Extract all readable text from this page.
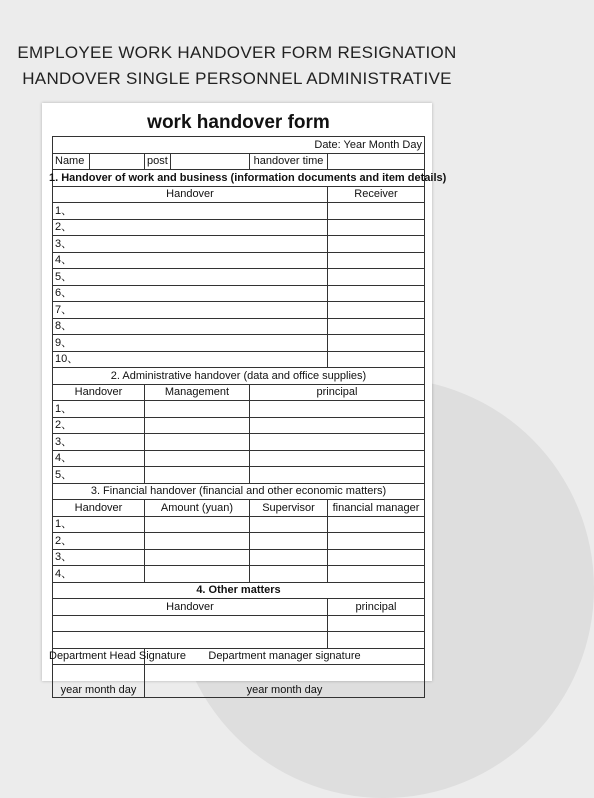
EMPLOYEE WORK HANDOVER FORM RESIGNATION
HANDOVER SINGLE PERSONNEL ADMINISTRATIVE
work handover form					
Date: Year Month Day					
Name		post		handover time	
1. Handover of work and business (information documents and item details)					
Handover					Receiver
1、					
2、					
3、					
4、					
5、					
6、					
7、					
8、					
9、					
10、					
2. Administrative handover (data and office supplies)					
Handover		Management		principal	
1、					
2、					
3、					
4、					
5、					
3. Financial handover (financial and other economic matters)					
Handover		Amount (yuan)		Supervisor	financial manager
1、					
2、					
3、					
4、					
4. Other matters					
Handover					principal

Department Head Signature		Department manager signature			
year month day		year month day			
